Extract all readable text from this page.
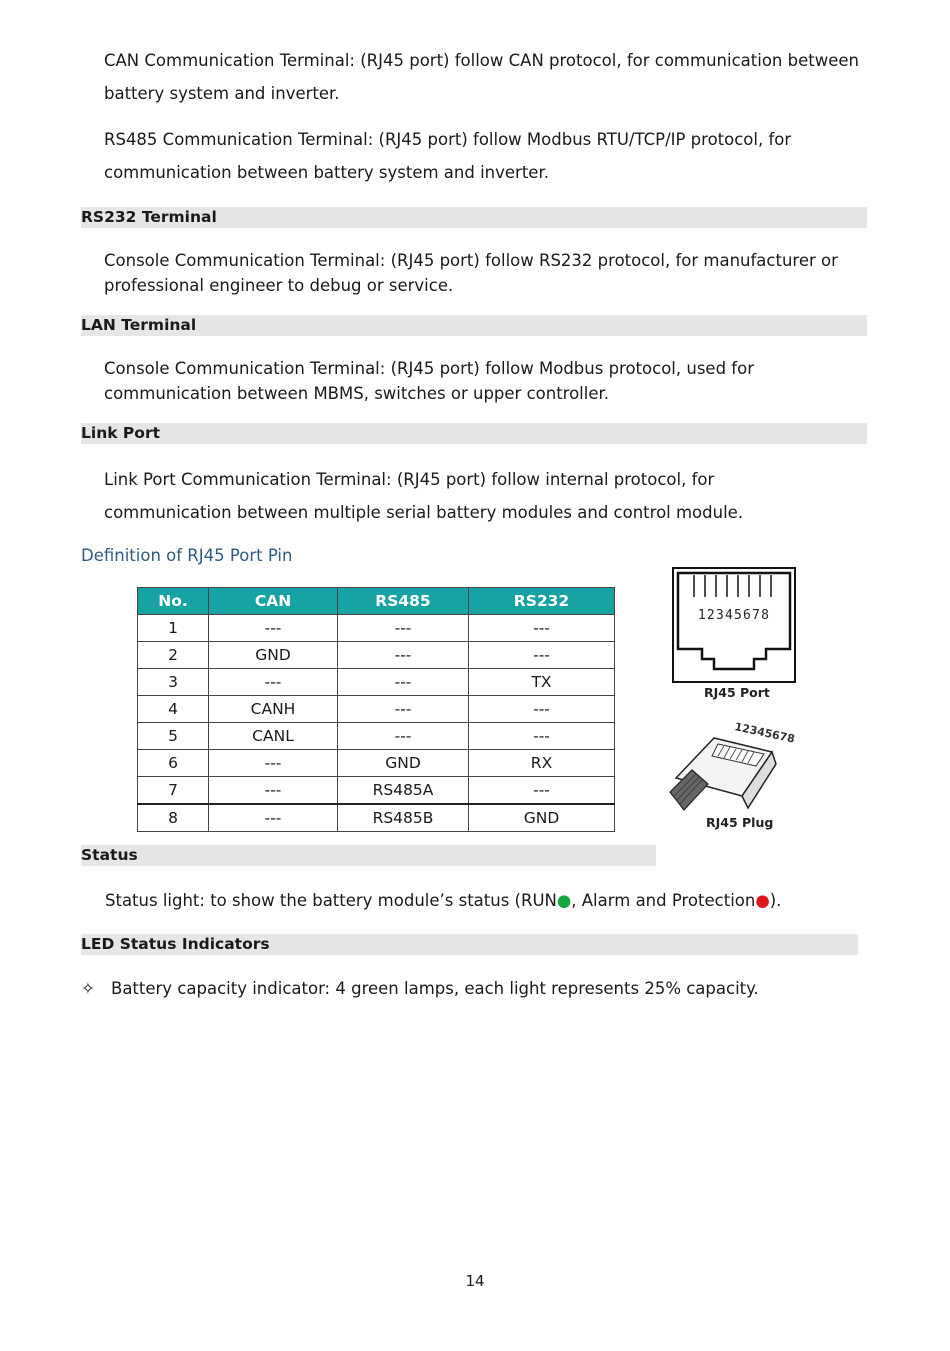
CAN Communication Terminal: (RJ45 port) follow CAN protocol, for communication between battery system and inverter.

RS485 Communication Terminal: (RJ45 port) follow Modbus RTU/TCP/IP protocol, for communication between battery system and inverter.

RS232 Terminal

Console Communication Terminal: (RJ45 port) follow RS232 protocol, for manufacturer or professional engineer to debug or service.

LAN Terminal

Console Communication Terminal: (RJ45 port) follow Modbus protocol, used for communication between MBMS, switches or upper controller.

Link Port

Link Port Communication Terminal: (RJ45 port) follow internal protocol, for communication between multiple serial battery modules and control module.

Definition of RJ45 Port Pin
No.	CAN	RS485	RS232
1	---	---	---
2	GND	---	---
3	---	---	TX
4	CANH	---	---
5	CANL	---	---
6	---	GND	RX
7	---	RS485A	---
8	---	RS485B	GND
12345678
RJ45 Port
12345678
RJ45 Plug
Status

Status light: to show the battery module’s status (RUN●, Alarm and Protection●).

LED Status Indicators
✧ Battery capacity indicator: 4 green lamps, each light represents 25% capacity.
14
